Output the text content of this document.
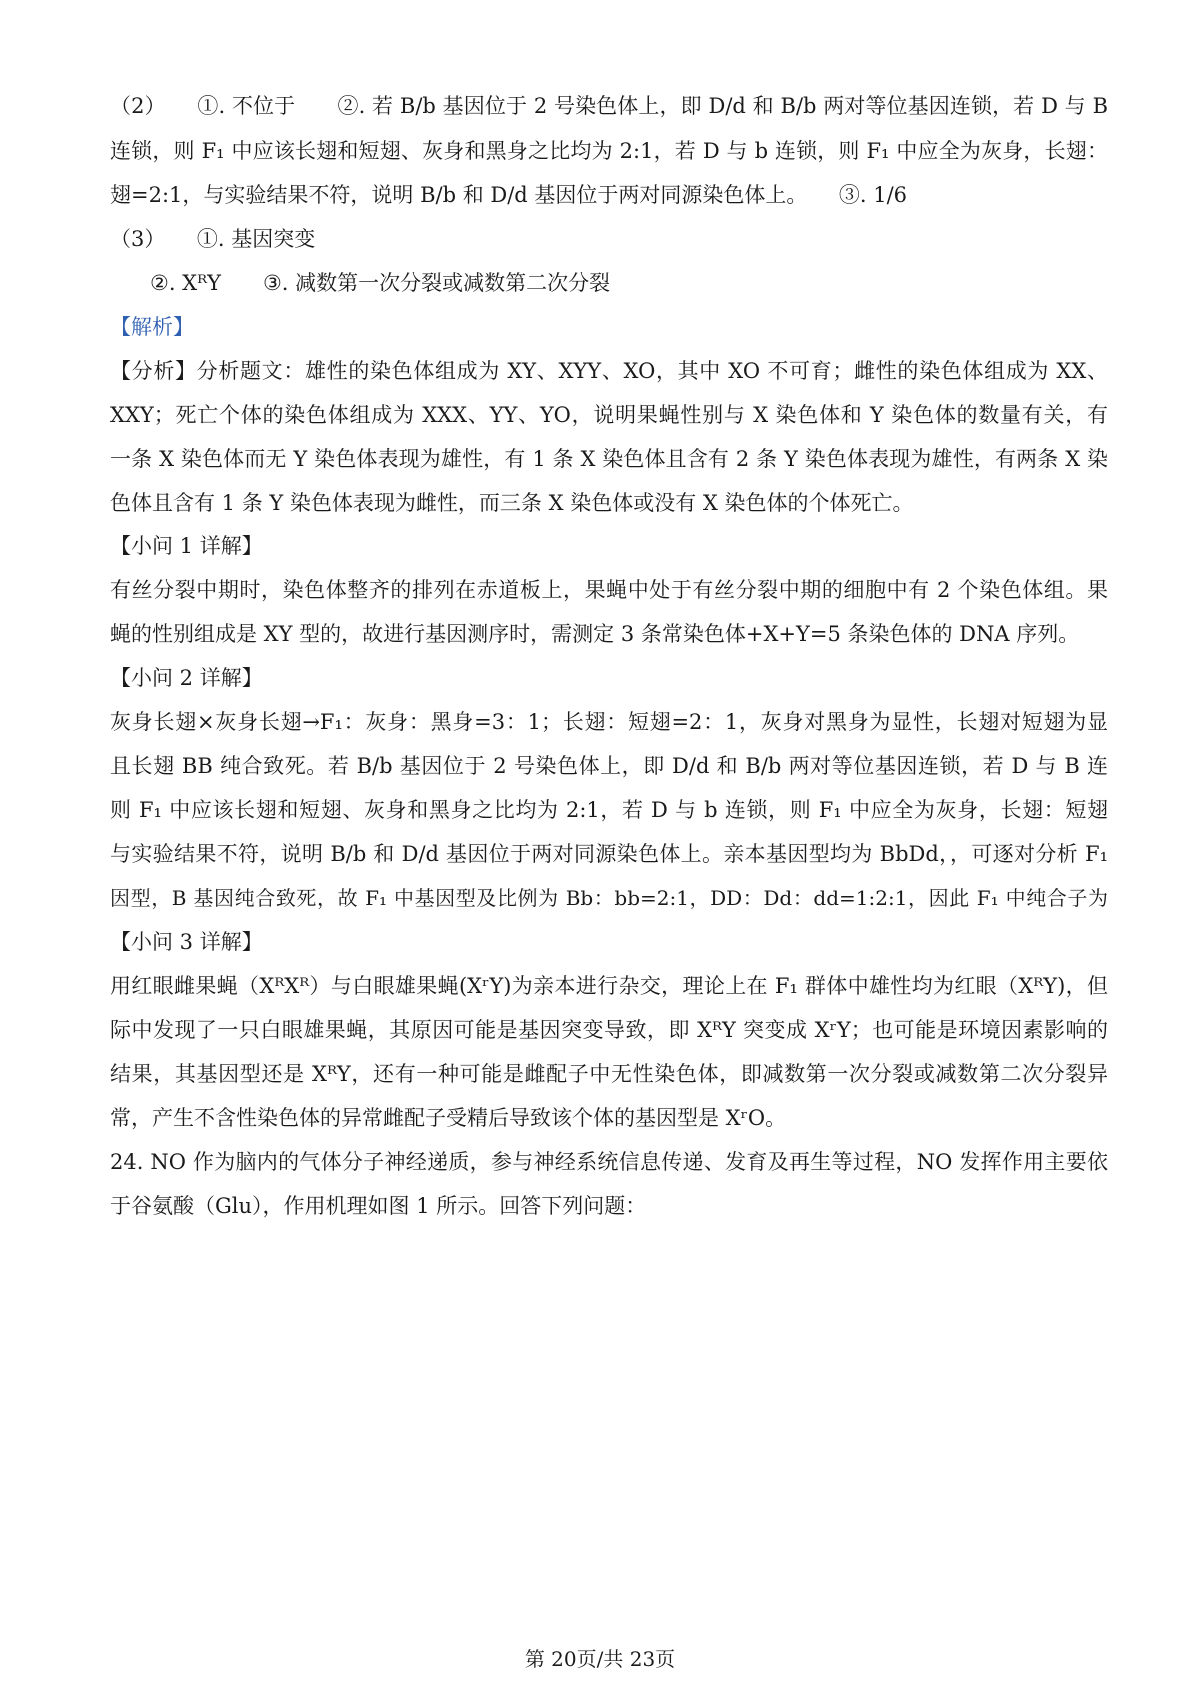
（2）　　①. 不位于　　②. 若 B/b 基因位于 2 号染色体上，即 D/d 和 B/b 两对等位基因连锁，若 D 与 B
连锁，则 F₁ 中应该长翅和短翅、灰身和黑身之比均为 2:1，若 D 与 b 连锁，则 F₁ 中应全为灰身，长翅：
翅=2:1，与实验结果不符，说明 B/b 和 D/d 基因位于两对同源染色体上。　　③. 1/6
（3）　　①. 基因突变
②. XᴿY　　③. 减数第一次分裂或减数第二次分裂
【解析】
【分析】分析题文：雄性的染色体组成为 XY、XYY、XO，其中 XO 不可育；雌性的染色体组成为 XX、
XXY；死亡个体的染色体组成为 XXX、YY、YO，说明果蝇性别与 X 染色体和 Y 染色体的数量有关，有
一条 X 染色体而无 Y 染色体表现为雄性，有 1 条 X 染色体且含有 2 条 Y 染色体表现为雄性，有两条 X 染
色体且含有 1 条 Y 染色体表现为雌性，而三条 X 染色体或没有 X 染色体的个体死亡。
【小问 1 详解】
有丝分裂中期时，染色体整齐的排列在赤道板上，果蝇中处于有丝分裂中期的细胞中有 2 个染色体组。果
蝇的性别组成是 XY 型的，故进行基因测序时，需测定 3 条常染色体+X+Y=5 条染色体的 DNA 序列。
【小问 2 详解】
灰身长翅×灰身长翅→F₁：灰身：黑身=3：1；长翅：短翅=2：1，灰身对黑身为显性，长翅对短翅为显
且长翅 BB 纯合致死。若 B/b 基因位于 2 号染色体上，即 D/d 和 B/b 两对等位基因连锁，若 D 与 B 连
则 F₁ 中应该长翅和短翅、灰身和黑身之比均为 2:1，若 D 与 b 连锁，则 F₁ 中应全为灰身，长翅：短翅
与实验结果不符，说明 B/b 和 D/d 基因位于两对同源染色体上。亲本基因型均为 BbDd，，可逐对分析 F₁
因型，B 基因纯合致死，故 F₁ 中基因型及比例为 Bb：bb=2:1，DD：Dd：dd=1:2:1，因此 F₁ 中纯合子为
【小问 3 详解】
用红眼雌果蝇（XᴿXᴿ）与白眼雄果蝇(XʳY)为亲本进行杂交，理论上在 F₁ 群体中雄性均为红眼（XᴿY)，但
际中发现了一只白眼雄果蝇，其原因可能是基因突变导致，即 XᴿY 突变成 XʳY；也可能是环境因素影响的
结果，其基因型还是 XᴿY，还有一种可能是雌配子中无性染色体，即减数第一次分裂或减数第二次分裂异
常，产生不含性染色体的异常雌配子受精后导致该个体的基因型是 XʳO。
24. NO 作为脑内的气体分子神经递质，参与神经系统信息传递、发育及再生等过程，NO 发挥作用主要依
于谷氨酸（Glu），作用机理如图 1 所示。回答下列问题：
第 20页/共 23页
